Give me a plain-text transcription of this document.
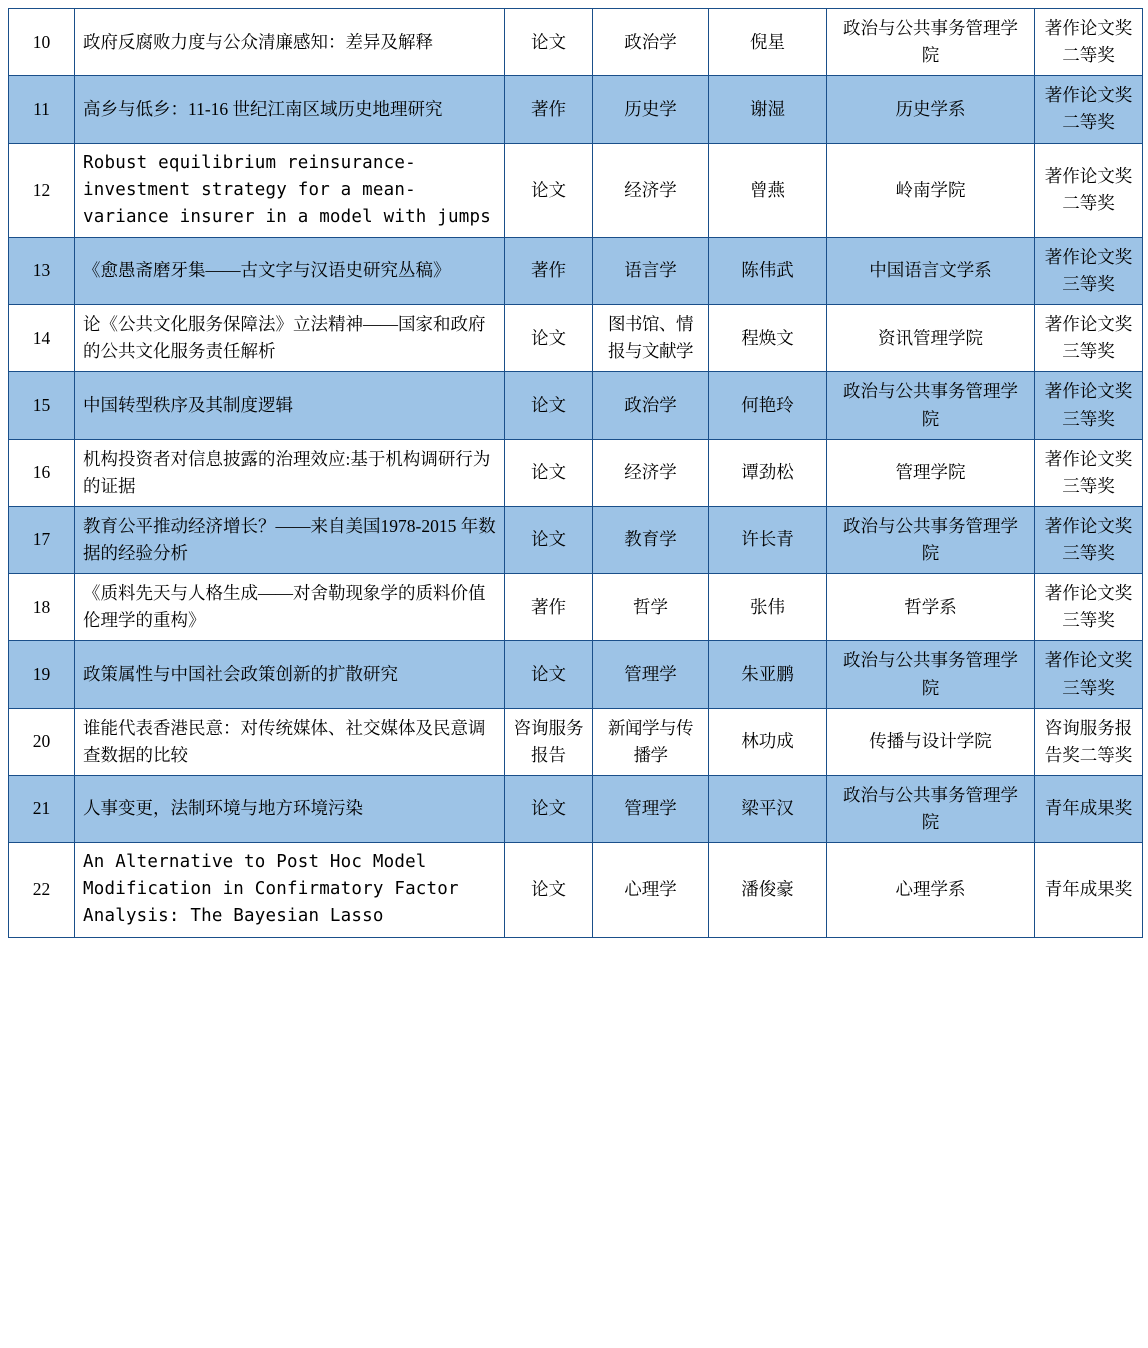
10	政府反腐败力度与公众清廉感知：差异及解释	论文	政治学	倪星	政治与公共事务管理学院	著作论文奖二等奖
11	高乡与低乡：11-16 世纪江南区域历史地理研究	著作	历史学	谢湿	历史学系	著作论文奖二等奖
12	Robust equilibrium reinsurance-investment strategy for a mean-variance insurer in a model with jumps	论文	经济学	曾燕	岭南学院	著作论文奖二等奖
13	《愈愚斋磨牙集——古文字与汉语史研究丛稿》	著作	语言学	陈伟武	中国语言文学系	著作论文奖三等奖
14	论《公共文化服务保障法》立法精神——国家和政府的公共文化服务责任解析	论文	图书馆、情报与文献学	程焕文	资讯管理学院	著作论文奖三等奖
15	中国转型秩序及其制度逻辑	论文	政治学	何艳玲	政治与公共事务管理学院	著作论文奖三等奖
16	机构投资者对信息披露的治理效应:基于机构调研行为的证据	论文	经济学	谭劲松	管理学院	著作论文奖三等奖
17	教育公平推动经济增长？——来自美国1978-2015 年数据的经验分析	论文	教育学	许长青	政治与公共事务管理学院	著作论文奖三等奖
18	《质料先天与人格生成——对舍勒现象学的质料价值伦理学的重构》	著作	哲学	张伟	哲学系	著作论文奖三等奖
19	政策属性与中国社会政策创新的扩散研究	论文	管理学	朱亚鹏	政治与公共事务管理学院	著作论文奖三等奖
20	谁能代表香港民意：对传统媒体、社交媒体及民意调查数据的比较	咨询服务报告	新闻学与传播学	林功成	传播与设计学院	咨询服务报告奖二等奖
21	人事变更，法制环境与地方环境污染	论文	管理学	梁平汉	政治与公共事务管理学院	青年成果奖
22	An Alternative to Post Hoc Model Modification in Confirmatory Factor Analysis: The Bayesian Lasso	论文	心理学	潘俊豪	心理学系	青年成果奖
